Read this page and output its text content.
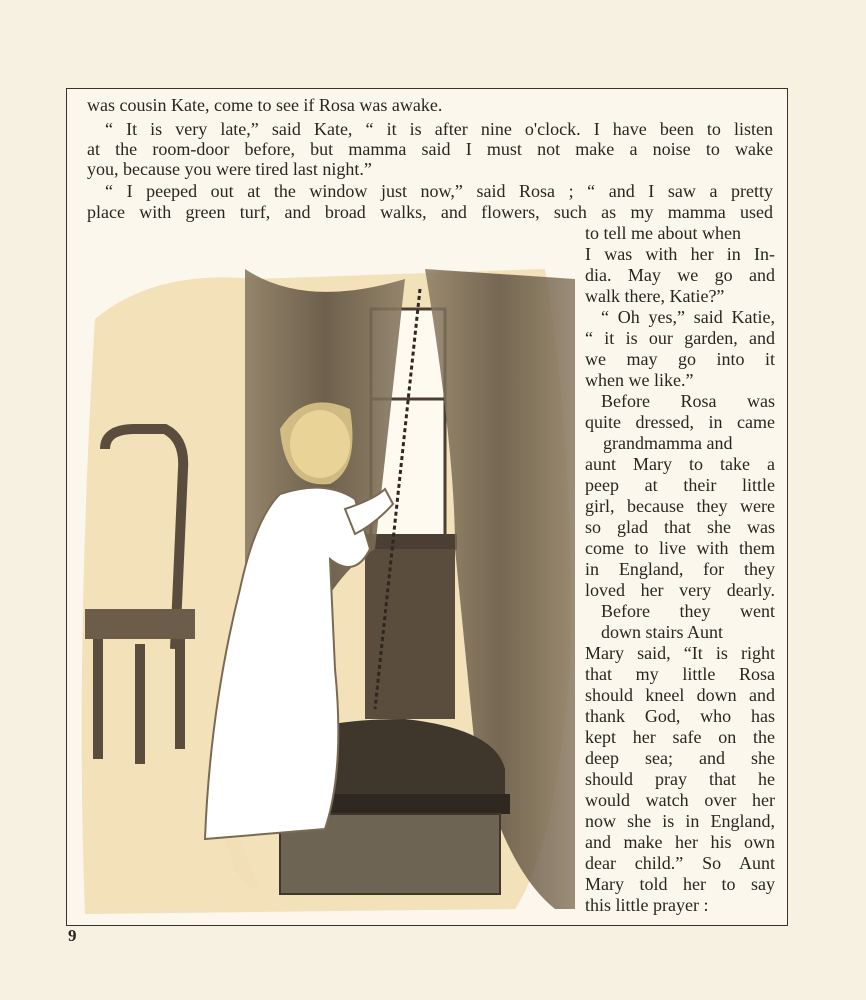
was cousin Kate, come to see if Rosa was awake.
“ It is very late,” said Kate, “ it is after nine o'clock. I have been to listen
at the room-door before, but mamma said I must not make a noise to wake
you, because you were tired last night.”
“ I peeped out at the window just now,” said Rosa ; “ and I saw a pretty
place with green turf, and broad walks, and flowers, such as my mamma used
to tell me about when
I was with her in In-
dia. May we go and
walk there, Katie?”
“ Oh yes,” said Katie,
“ it is our garden, and
we may go into it
when we like.”
Before Rosa was
quite dressed, in came
grandmamma and
aunt Mary to take a
peep at their little
girl, because they were
so glad that she was
come to live with them
in England, for they
loved her very dearly.
Before they went
down stairs Aunt
Mary said, “It is right
that my little Rosa
should kneel down and
thank God, who has
kept her safe on the
deep sea; and she
should pray that he
would watch over her
now she is in England,
and make her his own
dear child.” So Aunt
Mary told her to say
this little prayer :
9
